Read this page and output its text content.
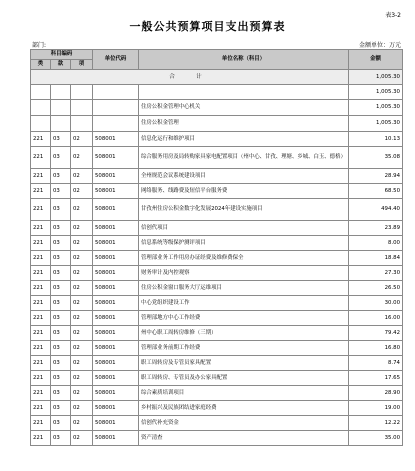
表3-2
一般公共预算项目支出预算表
部门:	金额单位：万元
科目编码			单位代码	单位名称（科目）	金额
类	款	项			
合　计					1,005.30
					1,005.30
				住房公积金管理中心机关	1,005.30
				住房公积金管理	1,005.30
221	03	02	508001	信息化运行和维护项目	10.13
221	03	02	508001	综合服务用房及局转购家具家电配置项目（州中心、甘孜、理塘、乡城、白玉、德格）	35.08
221	03	02	508001	全州规范会议系统建设项目	28.94
221	03	02	508001	网络服务、线路费及短信平台服务费	68.50
221	03	02	508001	甘孜州住房公积金数字化发展2024年建设实施项目	494.40
221	03	02	508001	信创代项目	23.89
221	03	02	508001	信息系统等级保护测评项目	8.00
221	03	02	508001	管理部业务工作用房办证经费及维修费保全	18.84
221	03	02	508001	财务审计及内控观察	27.30
221	03	02	508001	住房公积金窗口服务大厅运维项目	26.50
221	03	02	508001	中心党组织建设工作	30.00
221	03	02	508001	管理部地方中心工作经费	16.00
221	03	02	508001	州中心职工周转房维修（三期）	79.42
221	03	02	508001	管理部业务前期工作经费	16.80
221	03	02	508001	职工周转房及专管员家具配置	8.74
221	03	02	508001	职工周转房、专管员及办公家具配置	17.65
221	03	02	508001	综合素质培训项目	28.90
221	03	02	508001	乡村振兴及民族团结进家庭经费	19.00
221	03	02	508001	信创代补充资金	12.22
221	03	02	508001	资产清查	35.00
